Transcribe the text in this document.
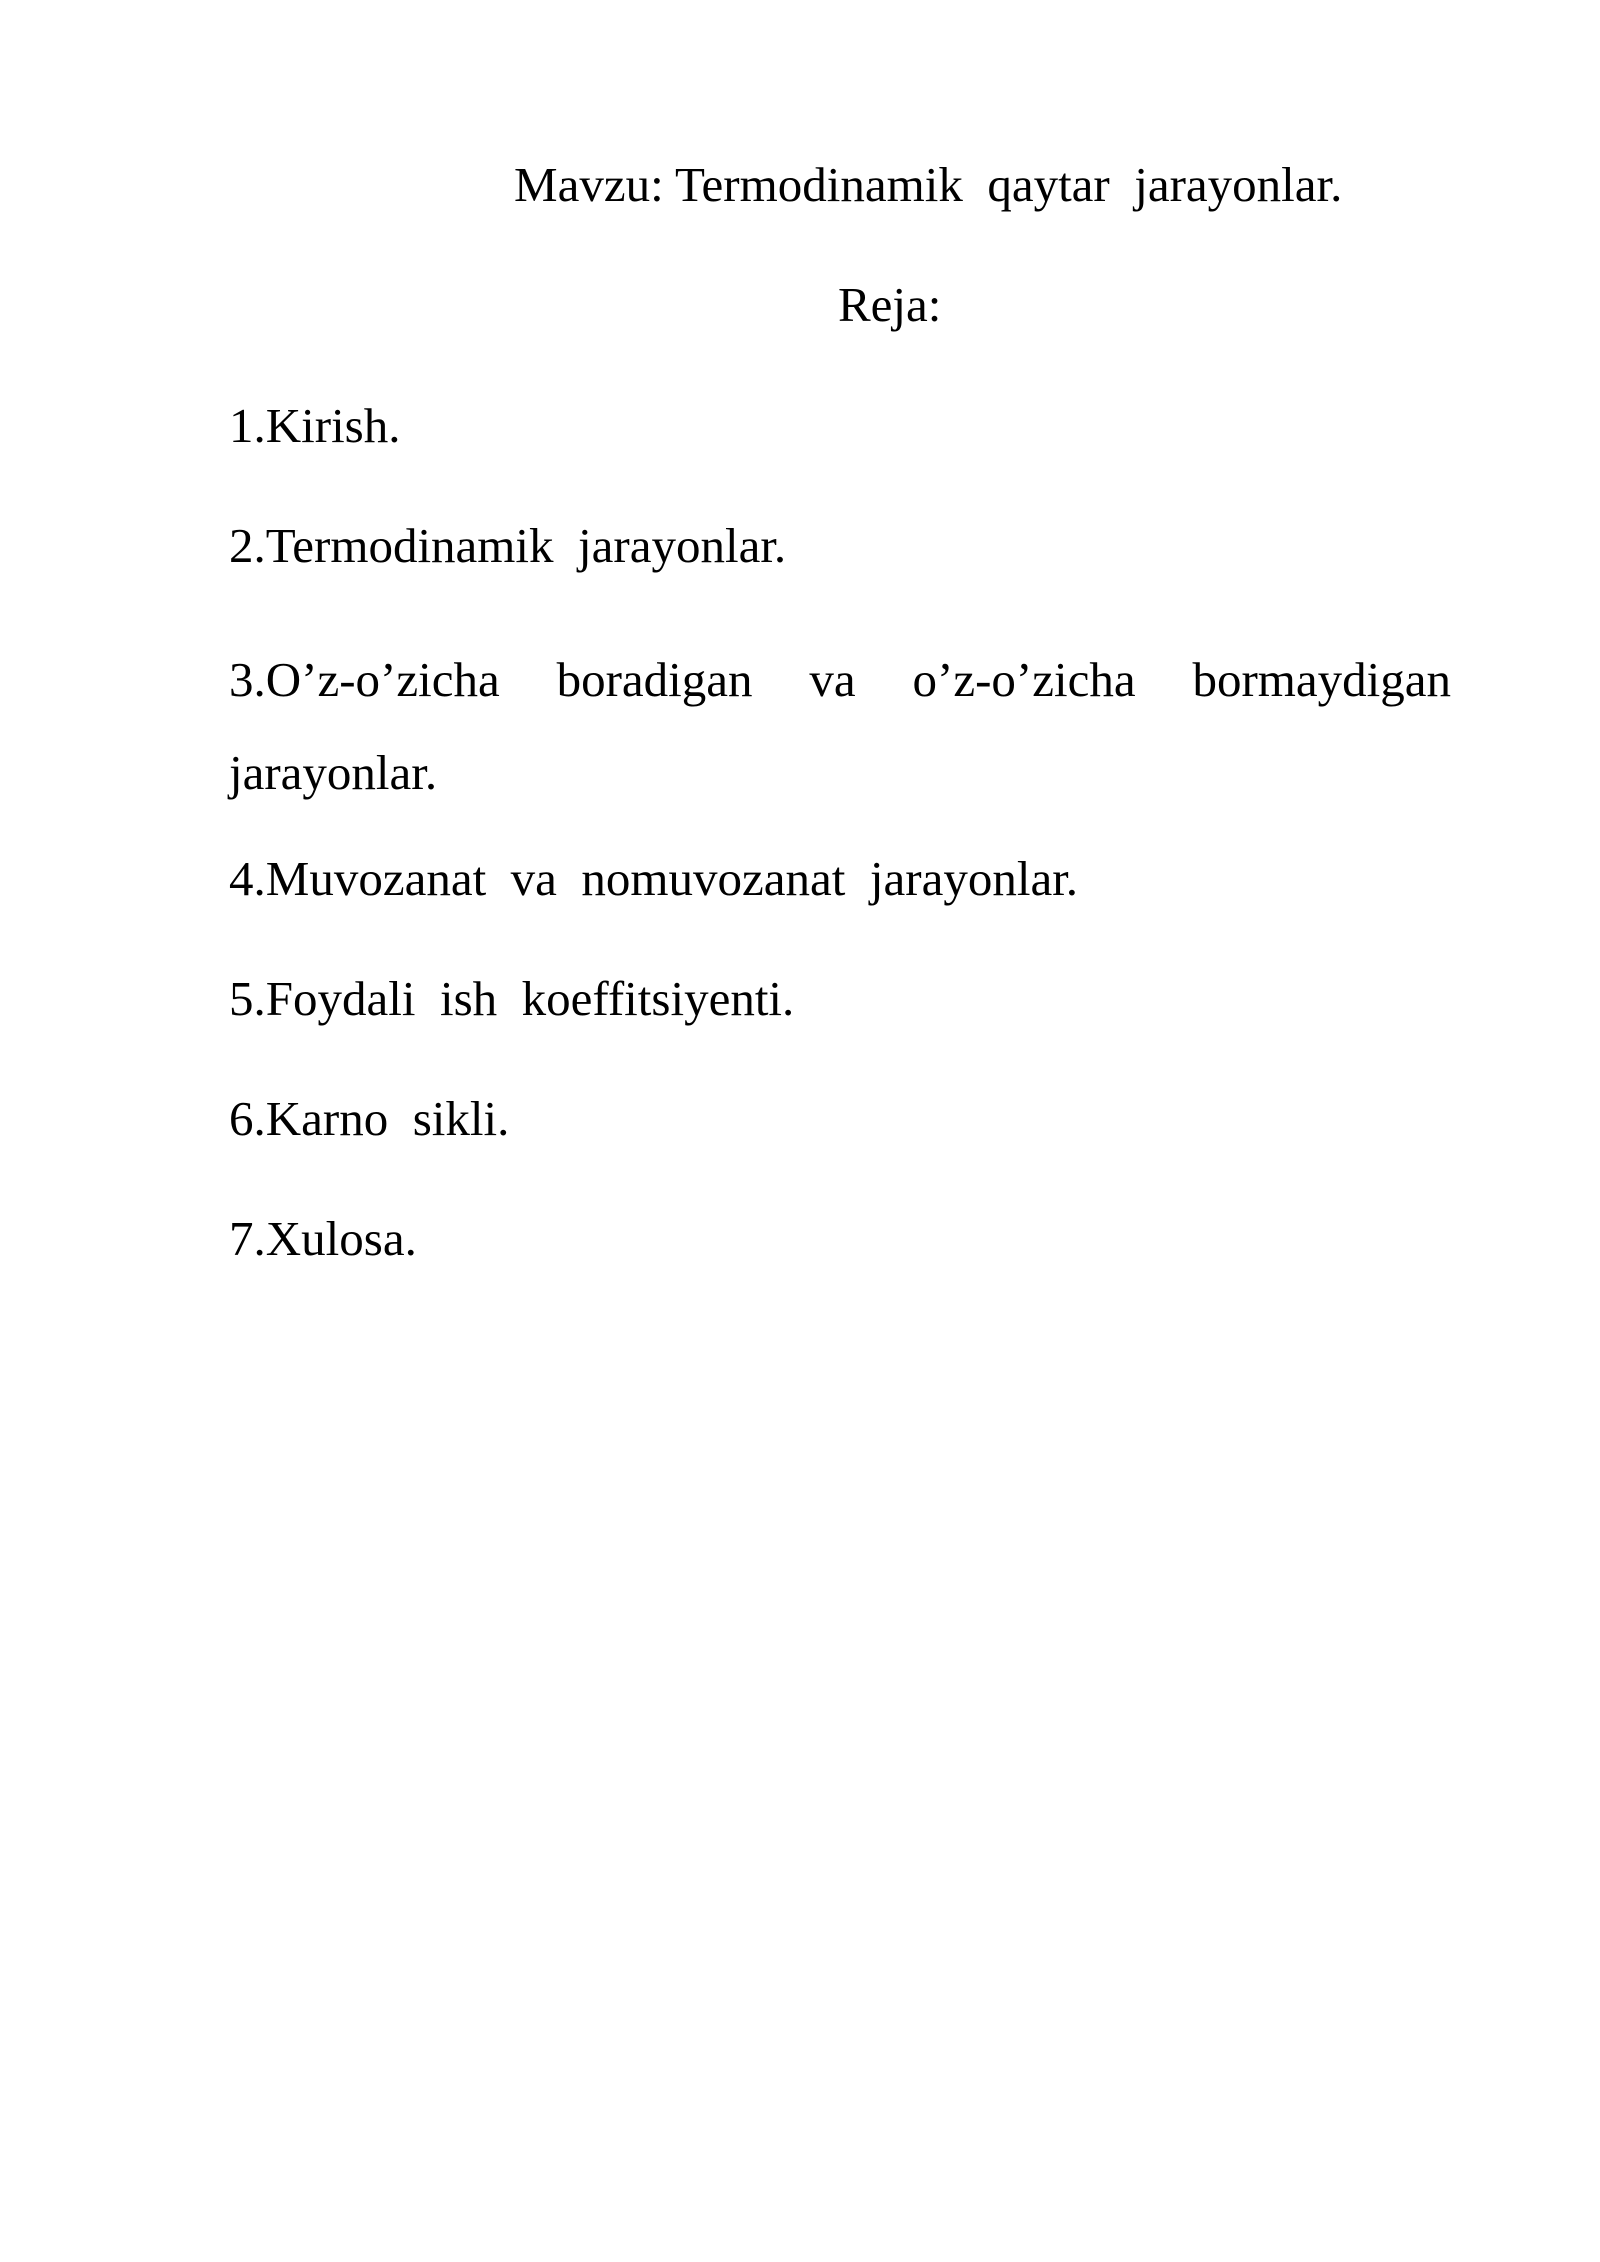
Mavzu: Termodinamik  qaytar  jarayonlar.
Reja:
1.Kirish.
2.Termodinamik  jarayonlar.
3.O’z-o’zicha boradigan va o’z-o’zicha bormaydigan jarayonlar.
4.Muvozanat  va  nomuvozanat  jarayonlar.
5.Foydali  ish  koeffitsiyenti.
6.Karno  sikli.
7.Xulosa.
